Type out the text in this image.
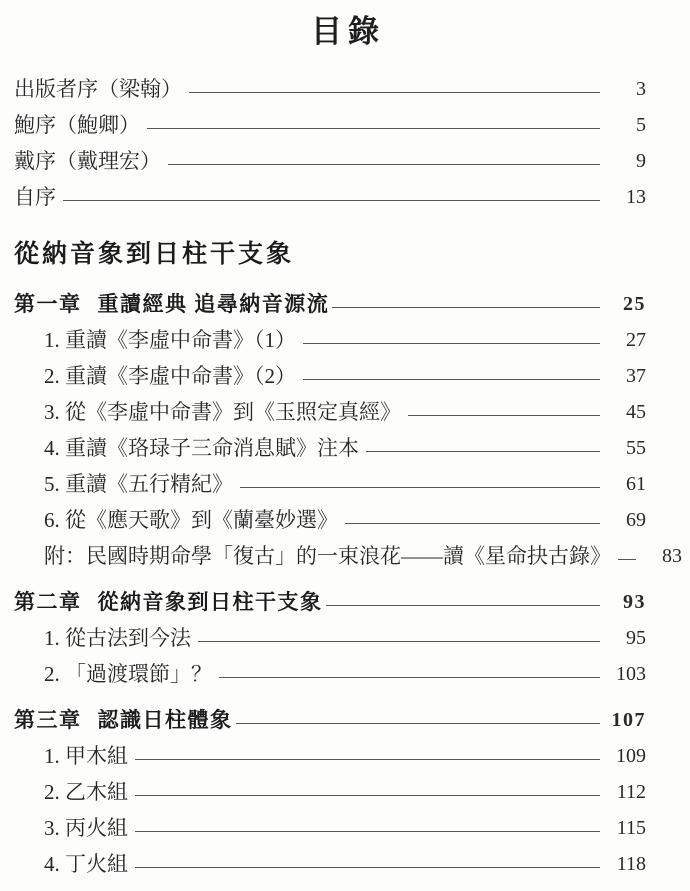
目錄
出版者序（梁翰）	3
鮑序（鮑卿）	5
戴序（戴理宏）	9
自序	13
從納音象到日柱干支象
第一章 重讀經典 追尋納音源流	25
1. 重讀《李虛中命書》（1）	27
2. 重讀《李虛中命書》（2）	37
3. 從《李虛中命書》到《玉照定真經》	45
4. 重讀《珞琭子三命消息賦》注本	55
5. 重讀《五行精紀》	61
6. 從《應天歌》到《蘭臺妙選》	69
附：民國時期命學「復古」的一束浪花——讀《星命抉古錄》	83
第二章 從納音象到日柱干支象	93
1. 從古法到今法	95
2. 「過渡環節」？	103
第三章 認識日柱體象	107
1. 甲木組	109
2. 乙木組	112
3. 丙火組	115
4. 丁火組	118
